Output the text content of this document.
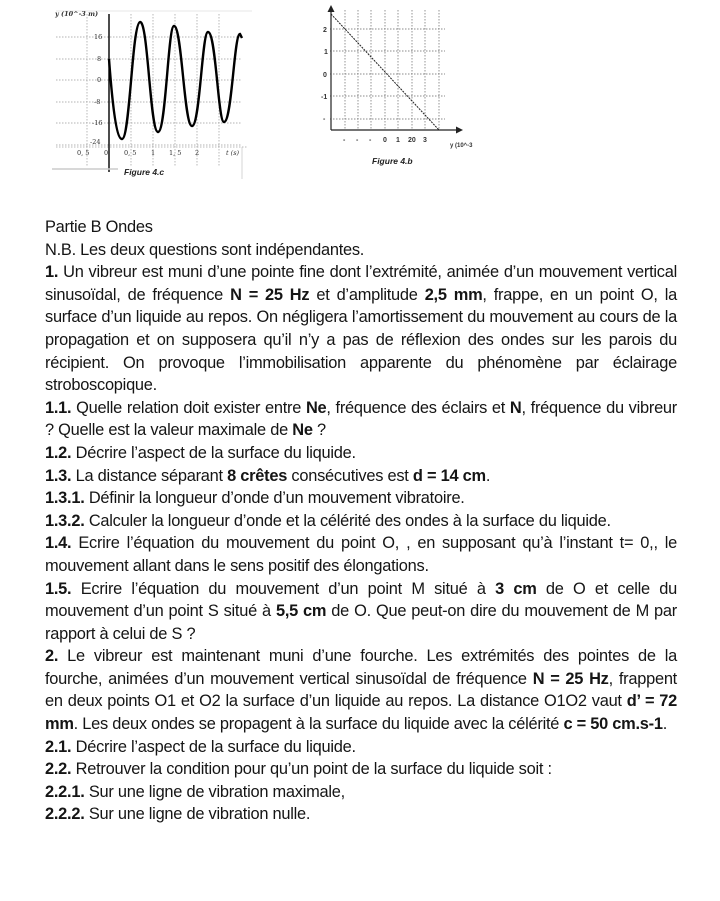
y (10^-3 m)
16
8
0
-8
-16
-24
0, 5 0 0, 5 1 1, 5 2	t (s)
Figure 4.c
2
1
0
-1
-
- - - 0 1 20 3
y (10^-3
Figure 4.b

Partie B Ondes

N.B. Les deux questions sont indépendantes.

1. Un vibreur est muni d’une pointe fine dont l’extrémité, animée d’un mouvement vertical sinusoïdal, de fréquence N = 25 Hz et d’amplitude 2,5 mm, frappe, en un point O, la surface d’un liquide au repos. On négligera l’amortissement du mouvement au cours de la propagation et on supposera qu’il n’y a pas de réflexion des ondes sur les parois du récipient. On provoque l’immobilisation apparente du phénomène par éclairage stroboscopique.

1.1. Quelle relation doit exister entre Ne, fréquence des éclairs et N, fréquence du vibreur ? Quelle est la valeur maximale de Ne ?

1.2. Décrire l’aspect de la surface du liquide.

1.3. La distance séparant 8 crêtes consécutives est d = 14 cm.

1.3.1. Définir la longueur d’onde d’un mouvement vibratoire.

1.3.2. Calculer la longueur d’onde et la célérité des ondes à la surface du liquide.

1.4. Ecrire l’équation du mouvement du point O, , en supposant qu’à l’instant t= 0,, le mouvement allant dans le sens positif des élongations.

1.5. Ecrire l’équation du mouvement d’un point M situé à 3 cm de O et celle du mouvement d’un point S situé à 5,5 cm de O. Que peut-on dire du mouvement de M par rapport à celui de S ?

2. Le vibreur est maintenant muni d’une fourche. Les extrémités des pointes de la fourche, animées d’un mouvement vertical sinusoïdal de fréquence N = 25 Hz, frappent en deux points O1 et O2 la surface d’un liquide au repos. La distance O1O2 vaut d’ = 72 mm. Les deux ondes se propagent à la surface du liquide avec la célérité c = 50 cm.s-1.

2.1. Décrire l’aspect de la surface du liquide.

2.2. Retrouver la condition pour qu’un point de la surface du liquide soit :

2.2.1. Sur une ligne de vibration maximale,

2.2.2. Sur une ligne de vibration nulle.
